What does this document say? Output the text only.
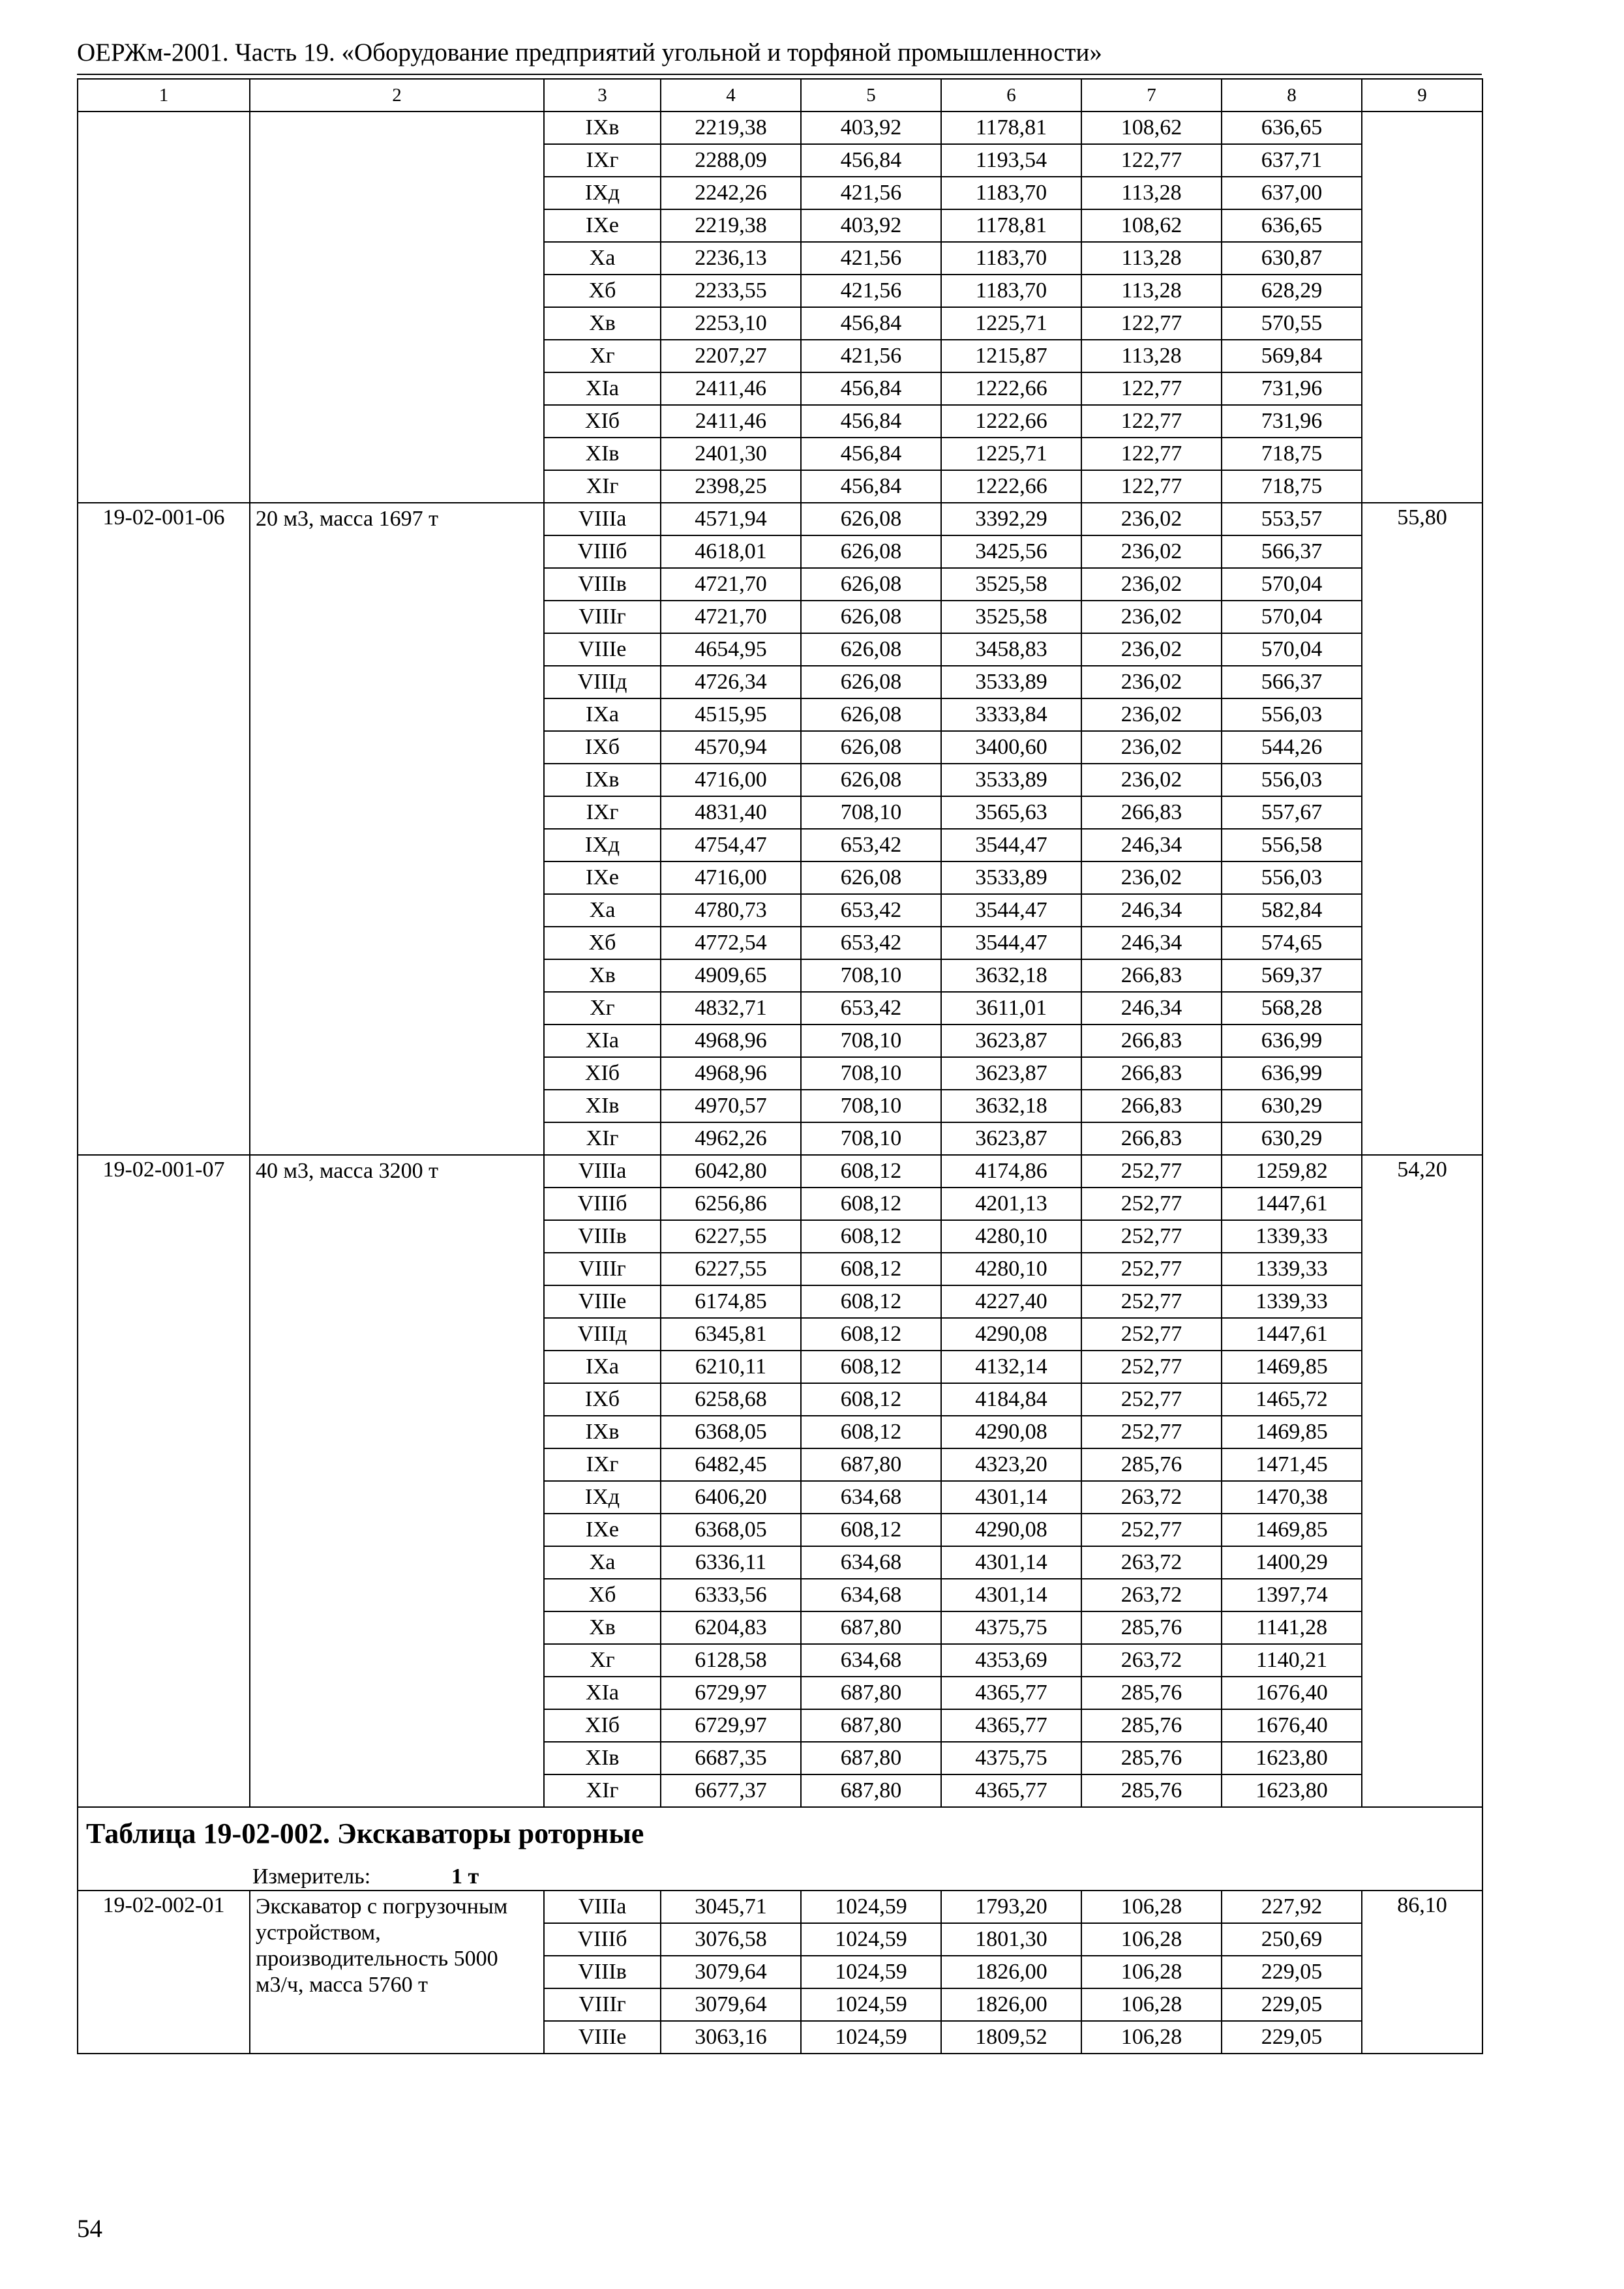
ОЕРЖм-2001. Часть 19. «Оборудование предприятий угольной и торфяной промышленности»
1	2	3	4	5	6	7	8	9
		IXв	2219,38	403,92	1178,81	108,62	636,65	
		IXг	2288,09	456,84	1193,54	122,77	637,71	
		IXд	2242,26	421,56	1183,70	113,28	637,00	
		IXе	2219,38	403,92	1178,81	108,62	636,65	
		Xа	2236,13	421,56	1183,70	113,28	630,87	
		Xб	2233,55	421,56	1183,70	113,28	628,29	
		Xв	2253,10	456,84	1225,71	122,77	570,55	
		Xг	2207,27	421,56	1215,87	113,28	569,84	
		XIа	2411,46	456,84	1222,66	122,77	731,96	
		XIб	2411,46	456,84	1222,66	122,77	731,96	
		XIв	2401,30	456,84	1225,71	122,77	718,75	
		XIг	2398,25	456,84	1222,66	122,77	718,75	
19-02-001-06	20 м3, масса 1697 т	VIIIа	4571,94	626,08	3392,29	236,02	553,57	55,80
		VIIIб	4618,01	626,08	3425,56	236,02	566,37	
		VIIIв	4721,70	626,08	3525,58	236,02	570,04	
		VIIIг	4721,70	626,08	3525,58	236,02	570,04	
		VIIIе	4654,95	626,08	3458,83	236,02	570,04	
		VIIIд	4726,34	626,08	3533,89	236,02	566,37	
		IXа	4515,95	626,08	3333,84	236,02	556,03	
		IXб	4570,94	626,08	3400,60	236,02	544,26	
		IXв	4716,00	626,08	3533,89	236,02	556,03	
		IXг	4831,40	708,10	3565,63	266,83	557,67	
		IXд	4754,47	653,42	3544,47	246,34	556,58	
		IXе	4716,00	626,08	3533,89	236,02	556,03	
		Xа	4780,73	653,42	3544,47	246,34	582,84	
		Xб	4772,54	653,42	3544,47	246,34	574,65	
		Xв	4909,65	708,10	3632,18	266,83	569,37	
		Xг	4832,71	653,42	3611,01	246,34	568,28	
		XIа	4968,96	708,10	3623,87	266,83	636,99	
		XIб	4968,96	708,10	3623,87	266,83	636,99	
		XIв	4970,57	708,10	3632,18	266,83	630,29	
		XIг	4962,26	708,10	3623,87	266,83	630,29	
19-02-001-07	40 м3, масса 3200 т	VIIIа	6042,80	608,12	4174,86	252,77	1259,82	54,20
		VIIIб	6256,86	608,12	4201,13	252,77	1447,61	
		VIIIв	6227,55	608,12	4280,10	252,77	1339,33	
		VIIIг	6227,55	608,12	4280,10	252,77	1339,33	
		VIIIе	6174,85	608,12	4227,40	252,77	1339,33	
		VIIIд	6345,81	608,12	4290,08	252,77	1447,61	
		IXа	6210,11	608,12	4132,14	252,77	1469,85	
		IXб	6258,68	608,12	4184,84	252,77	1465,72	
		IXв	6368,05	608,12	4290,08	252,77	1469,85	
		IXг	6482,45	687,80	4323,20	285,76	1471,45	
		IXд	6406,20	634,68	4301,14	263,72	1470,38	
		IXе	6368,05	608,12	4290,08	252,77	1469,85	
		Xа	6336,11	634,68	4301,14	263,72	1400,29	
		Xб	6333,56	634,68	4301,14	263,72	1397,74	
		Xв	6204,83	687,80	4375,75	285,76	1141,28	
		Xг	6128,58	634,68	4353,69	263,72	1140,21	
		XIа	6729,97	687,80	4365,77	285,76	1676,40	
		XIб	6729,97	687,80	4365,77	285,76	1676,40	
		XIв	6687,35	687,80	4375,75	285,76	1623,80	
		XIг	6677,37	687,80	4365,77	285,76	1623,80	

Таблица 19-02-002. Экскаваторы роторные
Измеритель: 1 т								

19-02-002-01	Экскаватор с погрузочным
устройством,
производительность 5000
м3/ч, масса 5760 т	VIIIа	3045,71	1024,59	1793,20	106,28	227,92	86,10
		VIIIб	3076,58	1024,59	1801,30	106,28	250,69	
		VIIIв	3079,64	1024,59	1826,00	106,28	229,05	
		VIIIг	3079,64	1024,59	1826,00	106,28	229,05	
		VIIIе	3063,16	1024,59	1809,52	106,28	229,05	
54
